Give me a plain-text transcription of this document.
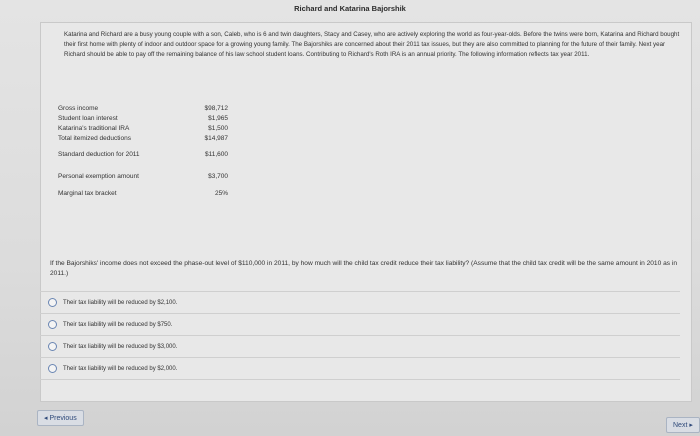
Richard and Katarina Bajorshik
Katarina and Richard are a busy young couple with a son, Caleb, who is 6 and twin daughters, Stacy and Casey, who are actively exploring the world as four-year-olds. Before the twins were born, Katarina and Richard bought their first home with plenty of indoor and outdoor space for a growing young family. The Bajorshiks are concerned about their 2011 tax issues, but they are also committed to planning for the future of their family. Next year Richard should be able to pay off the remaining balance of his law school student loans. Contributing to Richard's Roth IRA is an annual priority. The following information reflects tax year 2011.
Gross income	$98,712
Student loan interest	$1,965
Katarina's traditional IRA	$1,500
Total itemized deductions	$14,987
Standard deduction for 2011	$11,600
Personal exemption amount	$3,700
Marginal tax bracket	25%
If the Bajorshiks' income does not exceed the phase-out level of $110,000 in 2011, by how much will the child tax credit reduce their tax liability? (Assume that the child tax credit will be the same amount in 2010 as in 2011.)
Their tax liability will be reduced by $2,100.
Their tax liability will be reduced by $750.
Their tax liability will be reduced by $3,000.
Their tax liability will be reduced by $2,000.
◂ Previous
Next ▸
